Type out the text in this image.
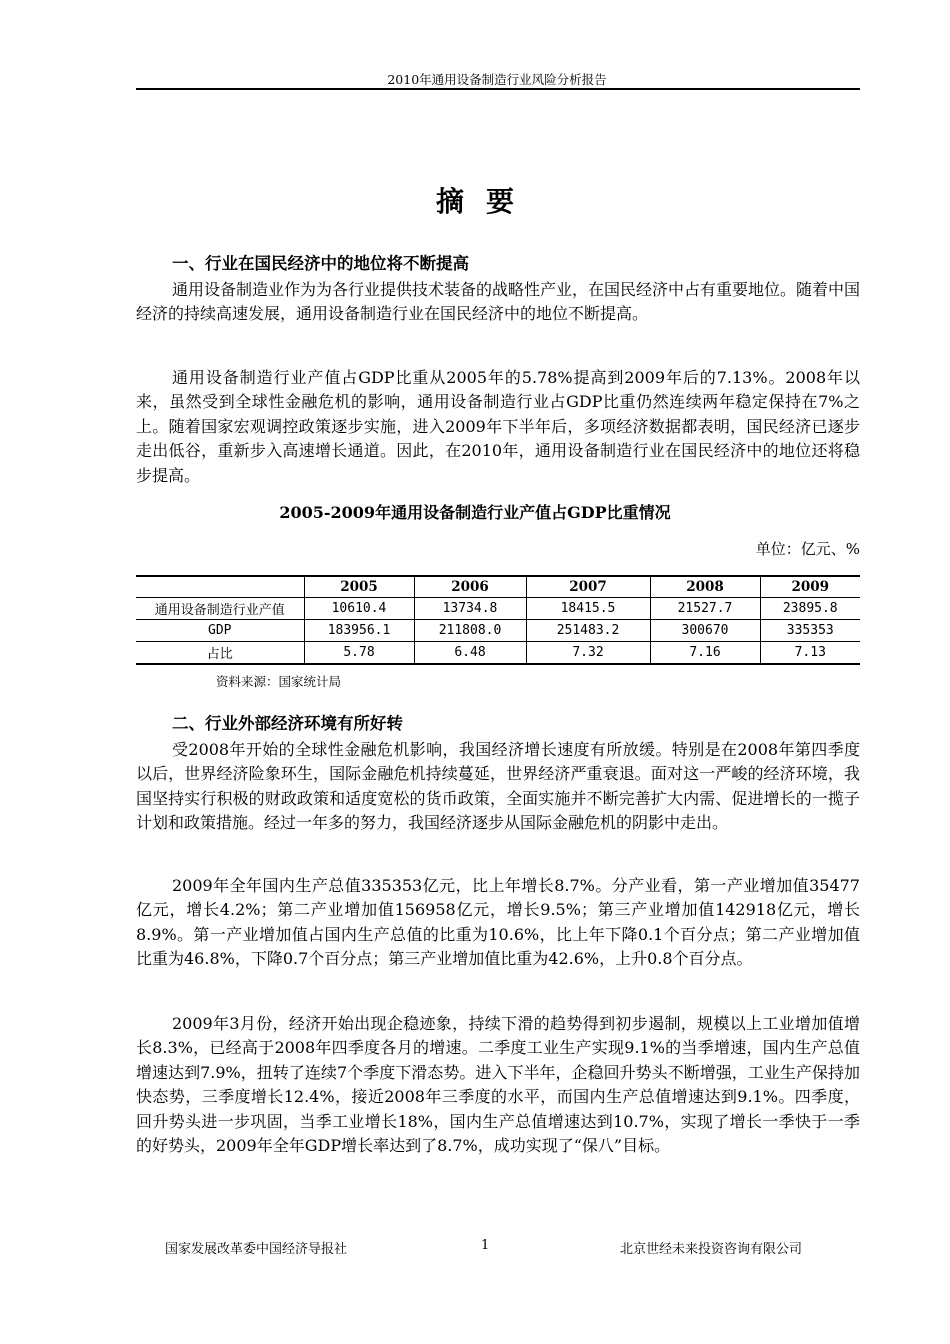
2010年通用设备制造行业风险分析报告
摘要
一、行业在国民经济中的地位将不断提高

通用设备制造业作为为各行业提供技术装备的战略性产业，在国民经济中占有重要地位。随着中国经济的持续高速发展，通用设备制造行业在国民经济中的地位不断提高。

通用设备制造行业产值占GDP比重从2005年的5.78%提高到2009年后的7.13%。2008年以来，虽然受到全球性金融危机的影响，通用设备制造行业占GDP比重仍然连续两年稳定保持在7%之上。随着国家宏观调控政策逐步实施，进入2009年下半年后，多项经济数据都表明，国民经济已逐步走出低谷，重新步入高速增长通道。因此，在2010年，通用设备制造行业在国民经济中的地位还将稳步提高。

2005-2009年通用设备制造行业产值占GDP比重情况
单位：亿元、%
	2005	2006	2007	2008	2009
通用设备制造行业产值	10610.4	13734.8	18415.5	21527.7	23895.8
GDP	183956.1	211808.0	251483.2	300670	335353
占比	5.78	6.48	7.32	7.16	7.13
资料来源：国家统计局
二、行业外部经济环境有所好转

受2008年开始的全球性金融危机影响，我国经济增长速度有所放缓。特别是在2008年第四季度以后，世界经济险象环生，国际金融危机持续蔓延，世界经济严重衰退。面对这一严峻的经济环境，我国坚持实行积极的财政政策和适度宽松的货币政策，全面实施并不断完善扩大内需、促进增长的一揽子计划和政策措施。经过一年多的努力，我国经济逐步从国际金融危机的阴影中走出。

2009年全年国内生产总值335353亿元，比上年增长8.7%。分产业看，第一产业增加值35477亿元，增长4.2%；第二产业增加值156958亿元，增长9.5%；第三产业增加值142918亿元，增长8.9%。第一产业增加值占国内生产总值的比重为10.6%，比上年下降0.1个百分点；第二产业增加值比重为46.8%，下降0.7个百分点；第三产业增加值比重为42.6%，上升0.8个百分点。

2009年3月份，经济开始出现企稳迹象，持续下滑的趋势得到初步遏制，规模以上工业增加值增长8.3%，已经高于2008年四季度各月的增速。二季度工业生产实现9.1%的当季增速，国内生产总值增速达到7.9%，扭转了连续7个季度下滑态势。进入下半年，企稳回升势头不断增强，工业生产保持加快态势，三季度增长12.4%，接近2008年三季度的水平，而国内生产总值增速达到9.1%。四季度，回升势头进一步巩固，当季工业增长18%，国内生产总值增速达到10.7%，实现了增长一季快于一季的好势头，2009年全年GDP增长率达到了8.7%，成功实现了“保八”目标。

国家发展改革委中国经济导报社	1	北京世经未来投资咨询有限公司
